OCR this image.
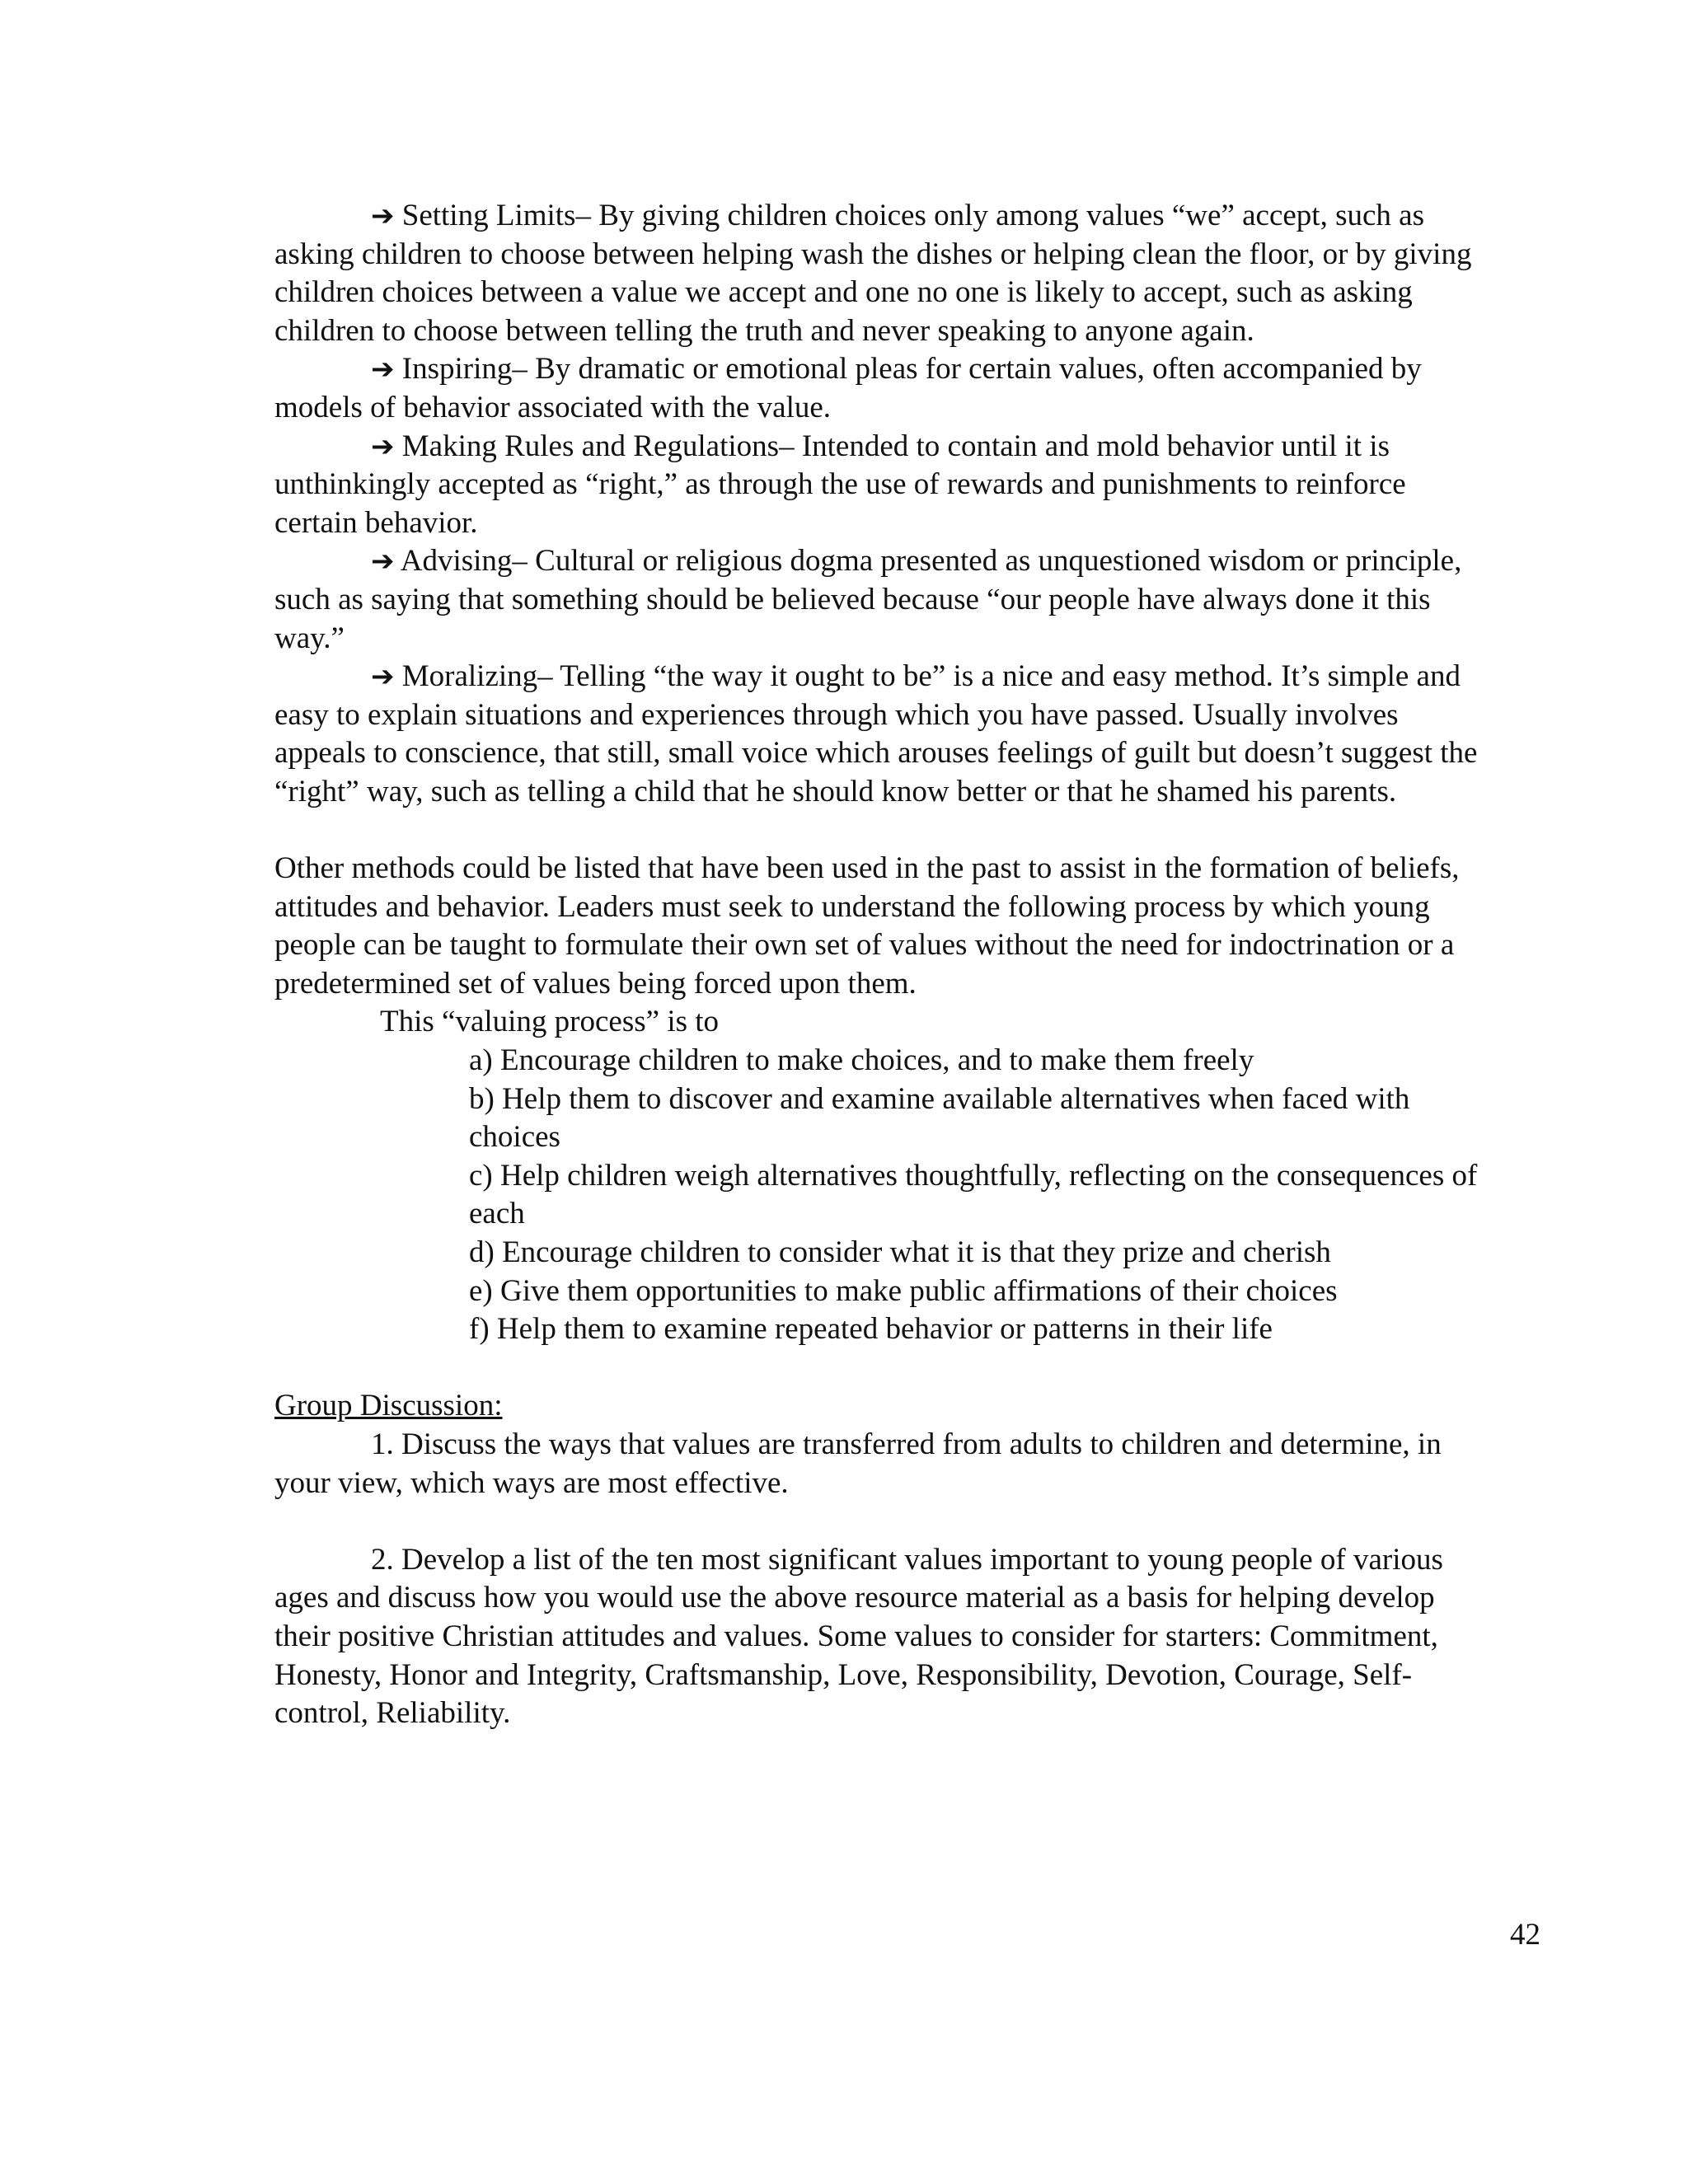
➔ Setting Limits– By giving children choices only among values “we” accept, such as asking children to choose between helping wash the dishes or helping clean the floor, or by giving children choices between a value we accept and one no one is likely to accept, such as asking children to choose between telling the truth and never speaking to anyone again.

➔ Inspiring– By dramatic or emotional pleas for certain values, often accompanied by models of behavior associated with the value.

➔ Making Rules and Regulations– Intended to contain and mold behavior until it is unthinkingly accepted as “right,” as through the use of rewards and punishments to reinforce certain behavior.

➔ Advising– Cultural or religious dogma presented as unquestioned wisdom or principle, such as saying that something should be believed because “our people have always done it this way.”

➔ Moralizing– Telling “the way it ought to be” is a nice and easy method. It’s simple and easy to explain situations and experiences through which you have passed. Usually involves appeals to conscience, that still, small voice which arouses feelings of guilt but doesn’t suggest the “right” way, such as telling a child that he should know better or that he shamed his parents.

Other methods could be listed that have been used in the past to assist in the formation of beliefs, attitudes and behavior. Leaders must seek to understand the following process by which young people can be taught to formulate their own set of values without the need for indoctrination or a predetermined set of values being forced upon them.

This “valuing process” is to

a) Encourage children to make choices, and to make them freely

b) Help them to discover and examine available alternatives when faced with choices

c) Help children weigh alternatives thoughtfully, reflecting on the consequences of each

d) Encourage children to consider what it is that they prize and cherish

e) Give them opportunities to make public affirmations of their choices

f) Help them to examine repeated behavior or patterns in their life

Group Discussion:

1. Discuss the ways that values are transferred from adults to children and determine, in your view, which ways are most effective.

2. Develop a list of the ten most significant values important to young people of various ages and discuss how you would use the above resource material as a basis for helping develop their positive Christian attitudes and values. Some values to consider for starters: Commitment, Honesty, Honor and Integrity, Craftsmanship, Love, Responsibility, Devotion, Courage, Self-control, Reliability.

42
